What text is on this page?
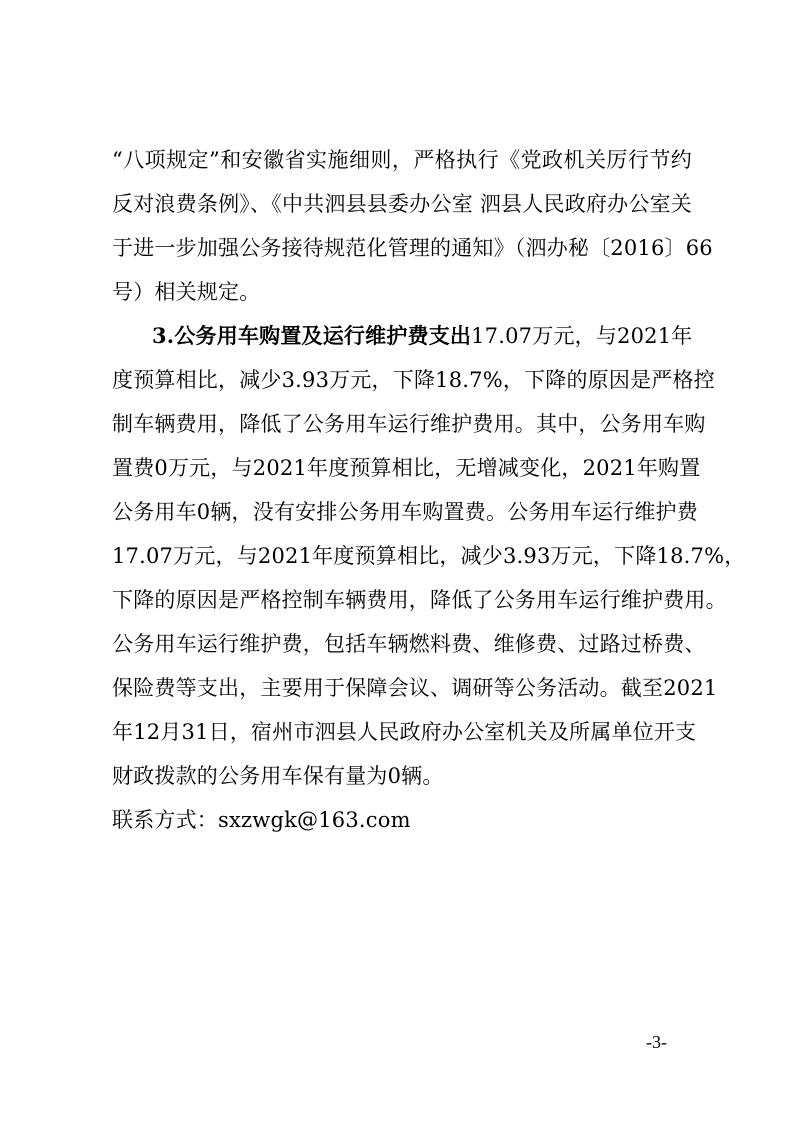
“八项规定”和安徽省实施细则，严格执行《党政机关厉行节约
反对浪费条例》、《中共泗县县委办公室 泗县人民政府办公室关
于进一步加强公务接待规范化管理的通知》（泗办秘〔2016〕66
号）相关规定。
3.公务用车购置及运行维护费支出17.07万元，与2021年
度预算相比，减少3.93万元，下降18.7%，下降的原因是严格控
制车辆费用，降低了公务用车运行维护费用。其中，公务用车购
置费0万元，与2021年度预算相比，无增减变化，2021年购置
公务用车0辆，没有安排公务用车购置费。公务用车运行维护费
17.07万元，与2021年度预算相比，减少3.93万元，下降18.7%，
下降的原因是严格控制车辆费用，降低了公务用车运行维护费用。
公务用车运行维护费，包括车辆燃料费、维修费、过路过桥费、
保险费等支出，主要用于保障会议、调研等公务活动。截至2021
年12月31日，宿州市泗县人民政府办公室机关及所属单位开支
财政拨款的公务用车保有量为0辆。
联系方式：sxzwgk@163.com
-3-
